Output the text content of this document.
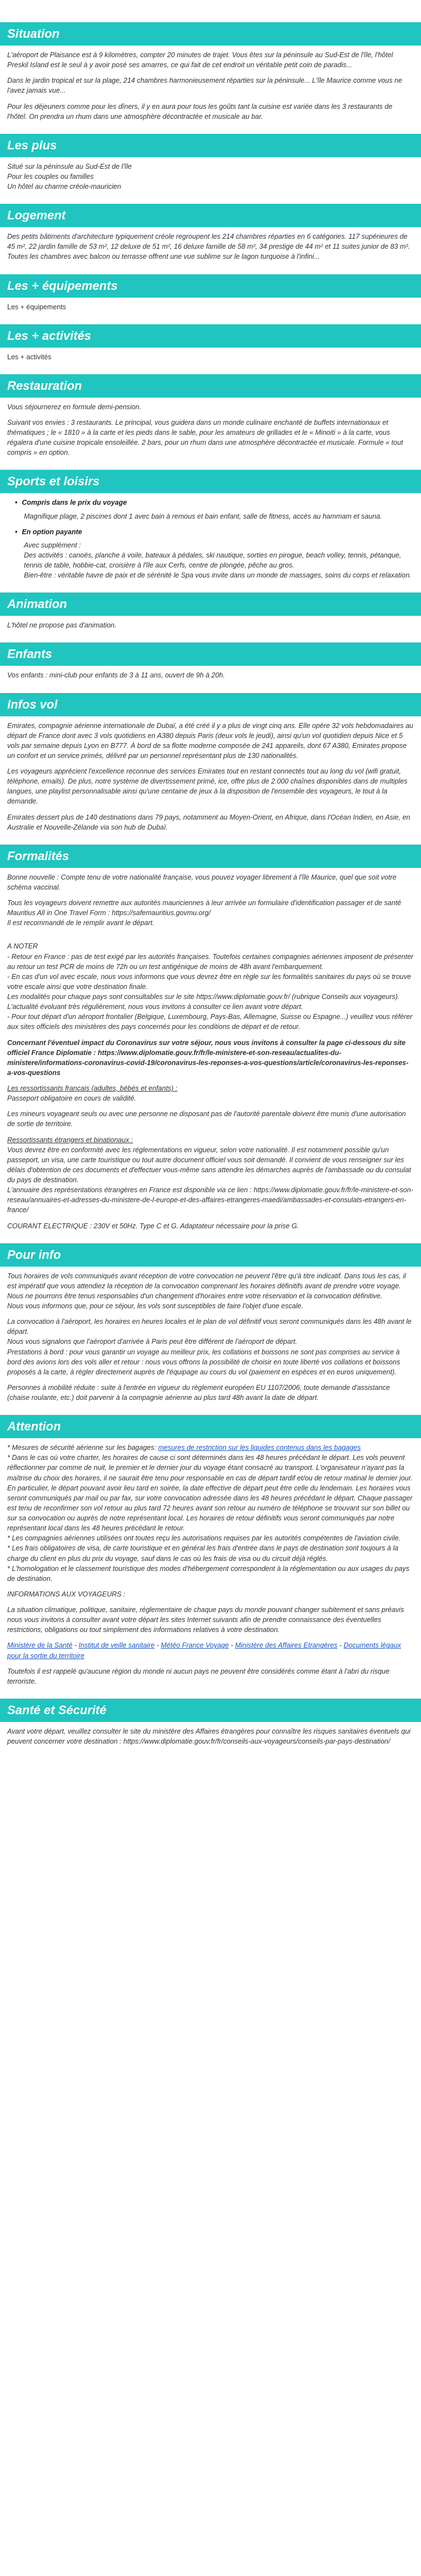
Situation

L'aéroport de Plaisance est à 9 kilomètres, compter 20 minutes de trajet. Vous êtes sur la péninsule au Sud-Est de l'île, l'hôtel Preskil Island est le seul à y avoir posé ses amarres, ce qui fait de cet endroit un véritable petit coin de paradis...

Dans le jardin tropical et sur la plage, 214 chambres harmonieusement réparties sur la péninsule... L'île Maurice comme vous ne l'avez jamais vue...

Pour les déjeuners comme pour les dîners, il y en aura pour tous les goûts tant la cuisine est variée dans les 3 restaurants de l'hôtel. On prendra un rhum dans une atmosphère décontractée et musicale au bar.

Les plus
Situé sur la péninsule au Sud-Est de l'île
Pour les couples ou familles
Un hôtel au charme créole-mauricien
Logement

Des petits bâtiments d'architecture typiquement créole regroupent les 214 chambres réparties en 6 catégories. 117 supérieures de 45 m², 22 jardin famille de 53 m², 12 deluxe de 51 m², 16 deluxe famille de 58 m², 34 prestige de 44 m² et 11 suites junior de 83 m². Toutes les chambres avec balcon ou terrasse offrent une vue sublime sur le lagon turquoise à l'infini...

Les + équipements

Les + équipements

Les + activités

Les + activités

Restauration

Vous séjournerez en formule demi-pension.

Suivant vos envies : 3 restaurants. Le principal, vous guidera dans un monde culinaire enchanté de buffets internationaux et thématiques ; le « 1810 » à la carte et les pieds dans le sable, pour les amateurs de grillades et le « Minoiti » à la carte, vous régalera d'une cuisine tropicale ensoleillée. 2 bars, pour un rhum dans une atmosphère décontractée et musicale. Formule « tout compris » en option.

Sports et loisirs
• Compris dans le prix du voyage

Magnifique plage, 2 piscines dont 1 avec bain à remous et bain enfant, salle de fitness, accès au hammam et sauna.

• En option payante
Avec supplément :
Des activités : canoës, planche à voile, bateaux à pédales, ski nautique, sorties en pirogue, beach volley, tennis, pétanque, tennis de table, hobbie-cat, croisière à l'île aux Cerfs, centre de plongée, pêche au gros.
Bien-être : véritable havre de paix et de sérénité le Spa vous invite dans un monde de massages, soins du corps et relaxation.
Animation

L'hôtel ne propose pas d'animation.

Enfants

Vos enfants : mini-club pour enfants de 3 à 11 ans, ouvert de 9h à 20h.

Infos vol

Emirates, compagnie aérienne internationale de Dubaï, a été créé il y a plus de vingt cinq ans. Elle opère 32 vols hebdomadaires au départ de France dont avec 3 vols quotidiens en A380 depuis Paris (deux vols le jeudi), ainsi qu'un vol quotidien depuis Nice et 5 vols par semaine depuis Lyon en B777. À bord de sa flotte moderne composée de 241 appareils, dont 67 A380, Emirates propose un confort et un service primés, délivré par un personnel représentant plus de 130 nationalités.

Les voyageurs apprécient l'excellence reconnue des services Emirates tout en restant connectés tout au long du vol (wifi gratuit, téléphone, emails). De plus, notre système de divertissement primé, ice, offre plus de 2.000 chaînes disponibles dans de multiples langues, une playlist personnalisable ainsi qu'une centaine de jeux à la disposition de l'ensemble des voyageurs, le tout à la demande.

Emirates dessert plus de 140 destinations dans 79 pays, notamment au Moyen-Orient, en Afrique, dans l'Océan Indien, en Asie, en Australie et Nouvelle-Zélande via son hub de Dubaï.

Formalités

Bonne nouvelle : Compte tenu de votre nationalité française, vous pouvez voyager librement à l'île Maurice, quel que soit votre schéma vaccinal.

Tous les voyageurs doivent remettre aux autorités mauriciennes à leur arrivée un formulaire d'identification passager et de santé Mauritius All in One Travel Form : https://safemauritius.govmu.org/

Il est recommandé de le remplir avant le départ.

A NOTER
- Retour en France : pas de test exigé par les autorités françaises. Toutefois certaines compagnies aériennes imposent de présenter au retour un test PCR de moins de 72h ou un test antigénique de moins de 48h avant l'embarquement.
- En cas d'un vol avec escale, nous vous informons que vous devrez être en règle sur les formalités sanitaires du pays où se trouve votre escale ainsi que votre destination finale.
Les modalités pour chaque pays sont consultables sur le site https://www.diplomatie.gouv.fr/ (rubrique Conseils aux voyageurs). L'actualité évoluant très régulièrement, nous vous invitons à consulter ce lien avant votre départ.

- Pour tout départ d'un aéroport frontalier (Belgique, Luxembourg, Pays-Bas, Allemagne, Suisse ou Espagne...) veuillez vous référer aux sites officiels des ministères des pays concernés pour les conditions de départ et de retour.

Concernant l'éventuel impact du Coronavirus sur votre séjour, nous vous invitons à consulter la page ci-dessous du site officiel France Diplomatie : https://www.diplomatie.gouv.fr/fr/le-ministere-et-son-reseau/actualites-du-ministere/informations-coronavirus-covid-19/coronavirus-les-reponses-a-vos-questions/article/coronavirus-les-reponses-a-vos-questions

Les ressortissants français (adultes, bébés et enfants) :

Passeport obligatoire en cours de validité.

Les mineurs voyageant seuls ou avec une personne ne disposant pas de l'autorité parentale doivent être munis d'une autorisation de sortie de territoire.

Ressortissants étrangers et binationaux :
Vous devrez être en conformité avec les réglementations en vigueur, selon votre nationalité. Il est notamment possible qu'un passeport, un visa, une carte touristique ou tout autre document officiel vous soit demandé. Il convient de vous renseigner sur les délais d'obtention de ces documents et d'effectuer vous-même sans attendre les démarches auprès de l'ambassade ou du consulat du pays de destination.

L'annuaire des représentations étrangères en France est disponible via ce lien : https://www.diplomatie.gouv.fr/fr/le-ministere-et-son-reseau/annuaires-et-adresses-du-ministere-de-l-europe-et-des-affaires-etrangeres-maedi/ambassades-et-consulats-etrangers-en-france/

COURANT ELECTRIQUE : 230V et 50Hz. Type C et G. Adaptateur nécessaire pour la prise G.

Pour info
Tous horaires de vols communiqués avant réception de votre convocation ne peuvent l'être qu'à titre indicatif. Dans tous les cas, il est impératif que vous attendiez la réception de la convocation comprenant les horaires définitifs avant de prendre votre voyage.
Nous ne pourrons être tenus responsables d'un changement d'horaires entre votre réservation et la convocation définitive.

Nous vous informons que, pour ce séjour, les vols sont susceptibles de faire l'objet d'une escale.

La convocation à l'aéroport, les horaires en heures locales et le plan de vol définitif vous seront communiqués dans les 48h avant le départ.
Nous vous signalons que l'aéroport d'arrivée à Paris peut être différent de l'aéroport de départ.

Prestations à bord : pour vous garantir un voyage au meilleur prix, les collations et boissons ne sont pas comprises au service à bord des avions lors des vols aller et retour : nous vous offrons la possibilité de choisir en toute liberté vos collations et boissons proposés à la carte, à régler directement auprès de l'équipage au cours du vol (paiement en espèces et en euros uniquement).

Personnes à mobilité réduite : suite à l'entrée en vigueur du règlement européen EU 1107/2006, toute demande d'assistance (chaise roulante, etc.) doit parvenir à la compagnie aérienne au plus tard 48h avant la date de départ.

Attention
* Mesures de sécurité aérienne sur les bagages: mesures de restriction sur les liquides contenus dans les bagages
* Dans le cas où votre charter, les horaires de cause ci sont déterminés dans les 48 heures précédant le départ. Les vols peuvent réflectionner par comme de nuit, le premier et le dernier jour du voyage étant consacré au transport. L'organisateur n'ayant pas la maîtrise du choix des horaires, il ne saurait être tenu pour responsable en cas de départ tardif et/ou de retour matinal le dernier jour. En particulier, le départ pouvant avoir lieu tard en soirée, la date effective de départ peut être celle du lendemain. Les horaires vous seront communiqués par mail ou par fax, sur votre convocation adressée dans les 48 heures précédant le départ. Chaque passager est tenu de reconfirmer son vol retour au plus tard 72 heures avant son retour au numéro de téléphone se trouvant sur son billet ou sur sa convocation ou auprès de notre représentant local. Les horaires de retour définitifs vous seront communiqués par notre représentant local dans les 48 heures précédant le retour.
* Les compagnies aériennes utilisées ont toutes reçu les autorisations requises par les autorités compétentes de l'aviation civile.
* Les frais obligatoires de visa, de carte touristique et en général les frais d'entrée dans le pays de destination sont toujours à la charge du client en plus du prix du voyage, sauf dans le cas où les frais de visa ou du circuit déjà réglés.

* L'homologation et le classement touristique des modes d'hébergement correspondent à la réglementation ou aux usages du pays de destination.

INFORMATIONS AUX VOYAGEURS :

La situation climatique, politique, sanitaire, réglementaire de chaque pays du monde pouvant changer subitement et sans préavis nous vous invitons à consulter avant votre départ les sites Internet suivants afin de prendre connaissance des éventuelles restrictions, obligations ou tout simplement des informations relatives à votre destination.

Ministère de la Santé - Institut de veille sanitaire - Météo France Voyage - Ministère des Affaires Etrangères - Documents légaux pour la sortie du territoire

Toutefois il est rappelé qu'aucune région du monde ni aucun pays ne peuvent être considérés comme étant à l'abri du risque terroriste.

Santé et Sécurité

Avant votre départ, veuillez consulter le site du ministère des Affaires étrangères pour connaître les risques sanitaires éventuels qui peuvent concerner votre destination : https://www.diplomatie.gouv.fr/fr/conseils-aux-voyageurs/conseils-par-pays-destination/
